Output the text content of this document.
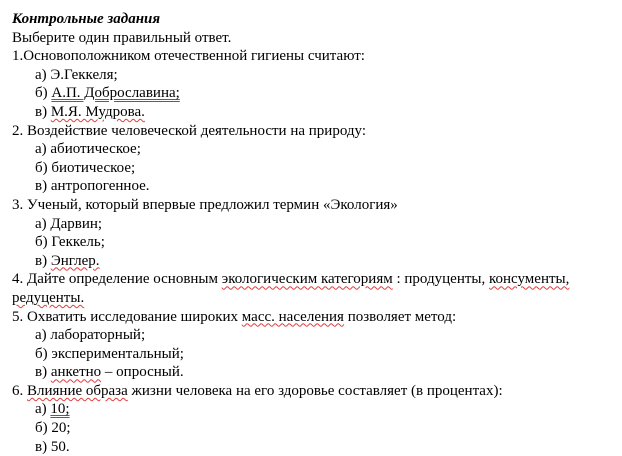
Контрольные задания
Выберите один правильный ответ.
1.Основоположником отечественной гигиены считают:
а) Э.Геккеля;
б) А.П. Доброславина;
в) М.Я. Мудрова.
2. Воздействие человеческой деятельности на природу:
а) абиотическое;
б) биотическое;
в) антропогенное.
3. Ученый, который впервые предложил термин «Экология»
а) Дарвин;
б) Геккель;
в) Энглер.
4. Дайте определение основным экологическим категориям : продуценты, консументы, редуценты.
5. Охватить исследование широких масс. населения позволяет метод:
а) лабораторный;
б) экспериментальный;
в) анкетно – опросный.
6. Влияние образа жизни человека на его здоровье составляет (в процентах):
а) 10;
б) 20;
в) 50.
